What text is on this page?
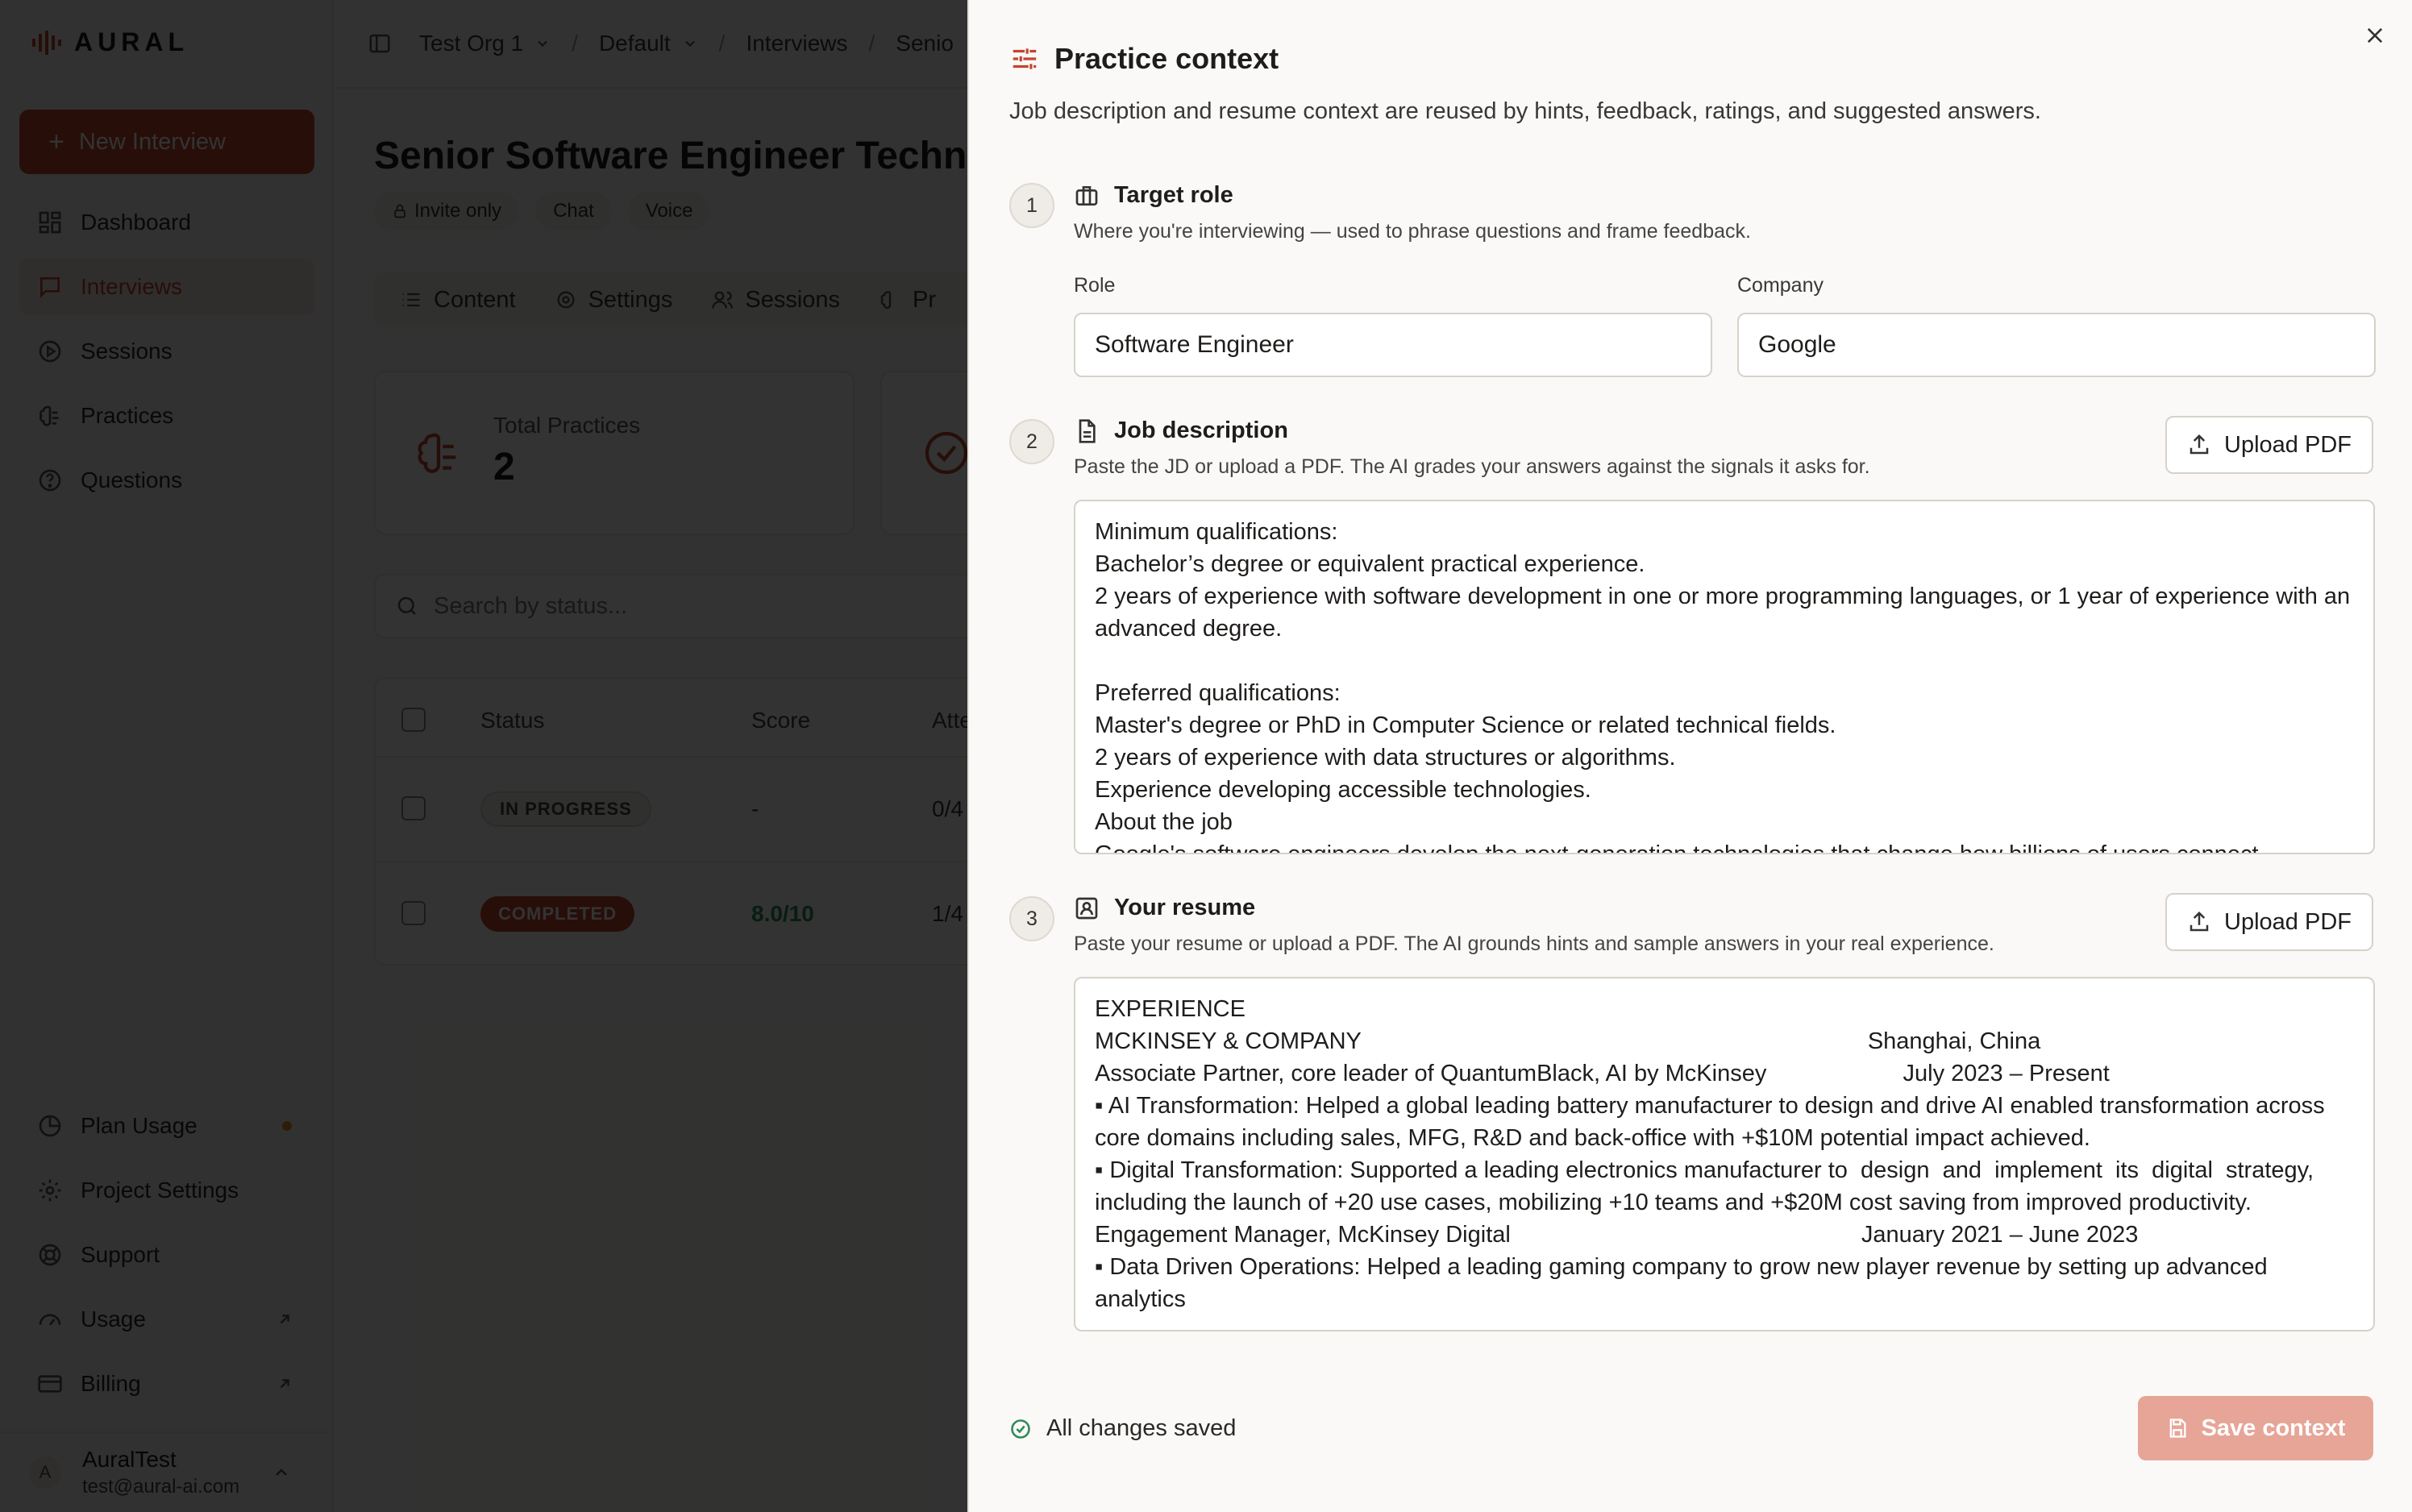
Practice context
Job description and resume context are reused by hints, feedback, ratings, and suggested answers.
1	Target role
Where you're interviewing — used to phrase questions and frame feedback.
Role
Software Engineer	Company
Google
2	Job description
Paste the JD or upload a PDF. The AI grades your answers against the signals it asks for.
Upload PDF
Minimum qualifications: Bachelor’s degree or equivalent practical experience. 2 years of experience with software development in one or more programming languages, or 1 year of experience with an advanced degree. Preferred qualifications: Master's degree or PhD in Computer Science or related technical fields. 2 years of experience with data structures or algorithms. Experience developing accessible technologies. About the job Google's software engineers develop the next-generation technologies that change how billions of users connect
3	Your resume
Paste your resume or upload a PDF. The AI grounds hints and sample answers in your real experience.
Upload PDF
EXPERIENCE MCKINSEY & COMPANY Shanghai, China Associate Partner, core leader of QuantumBlack, AI by McKinsey July 2023 – Present ▪ AI Transformation: Helped a global leading battery manufacturer to design and drive AI enabled transformation across core domains including sales, MFG, R&D and back-office with +$10M potential impact achieved. ▪ Digital Transformation: Supported a leading electronics manufacturer to design and implement its digital strategy, including the launch of +20 use cases, mobilizing +10 teams and +$20M cost saving from improved productivity. Engagement Manager, McKinsey Digital January 2021 – June 2023 ▪ Data Driven Operations: Helped a leading gaming company to grow new player revenue by setting up advanced analytics
All changes saved	Save context
